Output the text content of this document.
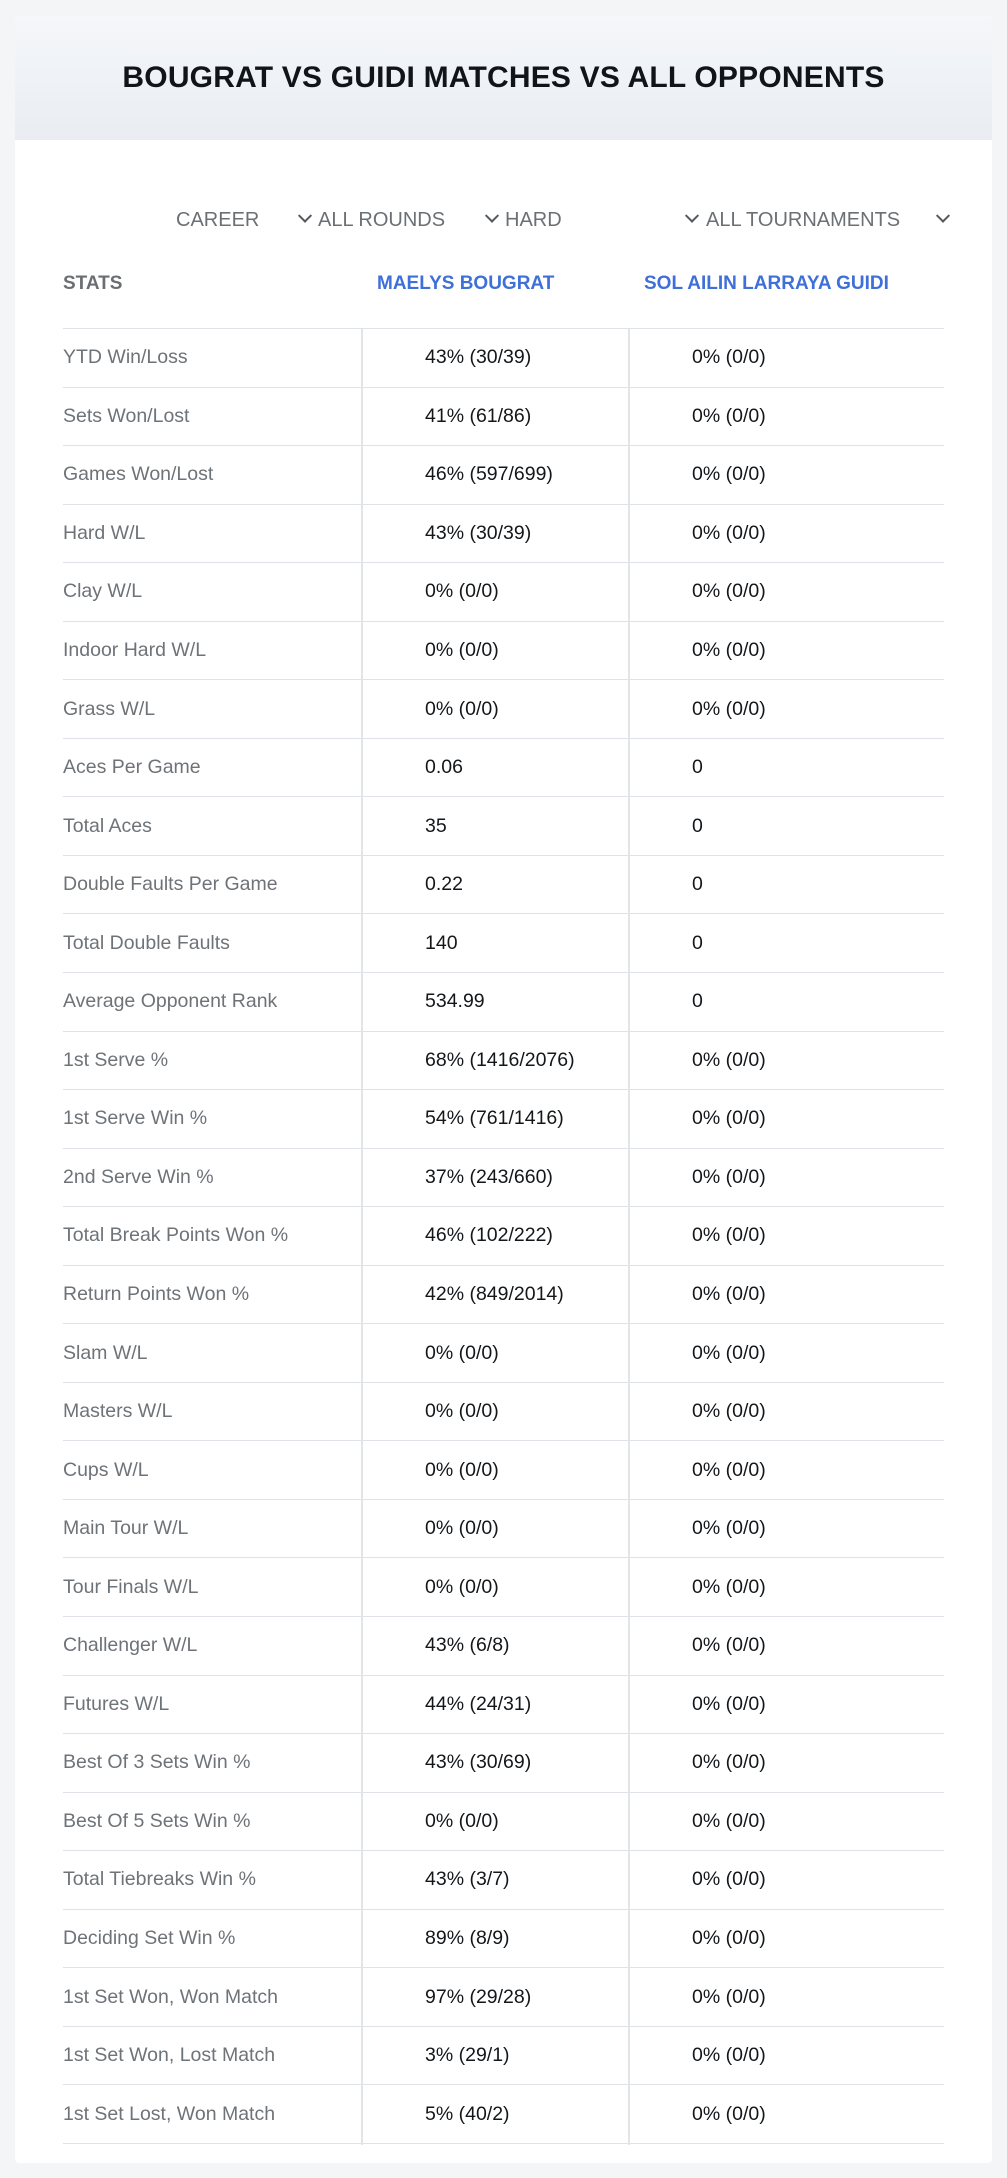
BOUGRAT VS GUIDI MATCHES VS ALL OPPONENTS
CAREER	ALL ROUNDS	HARD	ALL TOURNAMENTS
STATS	MAELYS BOUGRAT	SOL AILIN LARRAYA GUIDI
YTD Win/Loss	43% (30/39)	0% (0/0)
Sets Won/Lost	41% (61/86)	0% (0/0)
Games Won/Lost	46% (597/699)	0% (0/0)
Hard W/L	43% (30/39)	0% (0/0)
Clay W/L	0% (0/0)	0% (0/0)
Indoor Hard W/L	0% (0/0)	0% (0/0)
Grass W/L	0% (0/0)	0% (0/0)
Aces Per Game	0.06	0
Total Aces	35	0
Double Faults Per Game	0.22	0
Total Double Faults	140	0
Average Opponent Rank	534.99	0
1st Serve %	68% (1416/2076)	0% (0/0)
1st Serve Win %	54% (761/1416)	0% (0/0)
2nd Serve Win %	37% (243/660)	0% (0/0)
Total Break Points Won %	46% (102/222)	0% (0/0)
Return Points Won %	42% (849/2014)	0% (0/0)
Slam W/L	0% (0/0)	0% (0/0)
Masters W/L	0% (0/0)	0% (0/0)
Cups W/L	0% (0/0)	0% (0/0)
Main Tour W/L	0% (0/0)	0% (0/0)
Tour Finals W/L	0% (0/0)	0% (0/0)
Challenger W/L	43% (6/8)	0% (0/0)
Futures W/L	44% (24/31)	0% (0/0)
Best Of 3 Sets Win %	43% (30/69)	0% (0/0)
Best Of 5 Sets Win %	0% (0/0)	0% (0/0)
Total Tiebreaks Win %	43% (3/7)	0% (0/0)
Deciding Set Win %	89% (8/9)	0% (0/0)
1st Set Won, Won Match	97% (29/28)	0% (0/0)
1st Set Won, Lost Match	3% (29/1)	0% (0/0)
1st Set Lost, Won Match	5% (40/2)	0% (0/0)
